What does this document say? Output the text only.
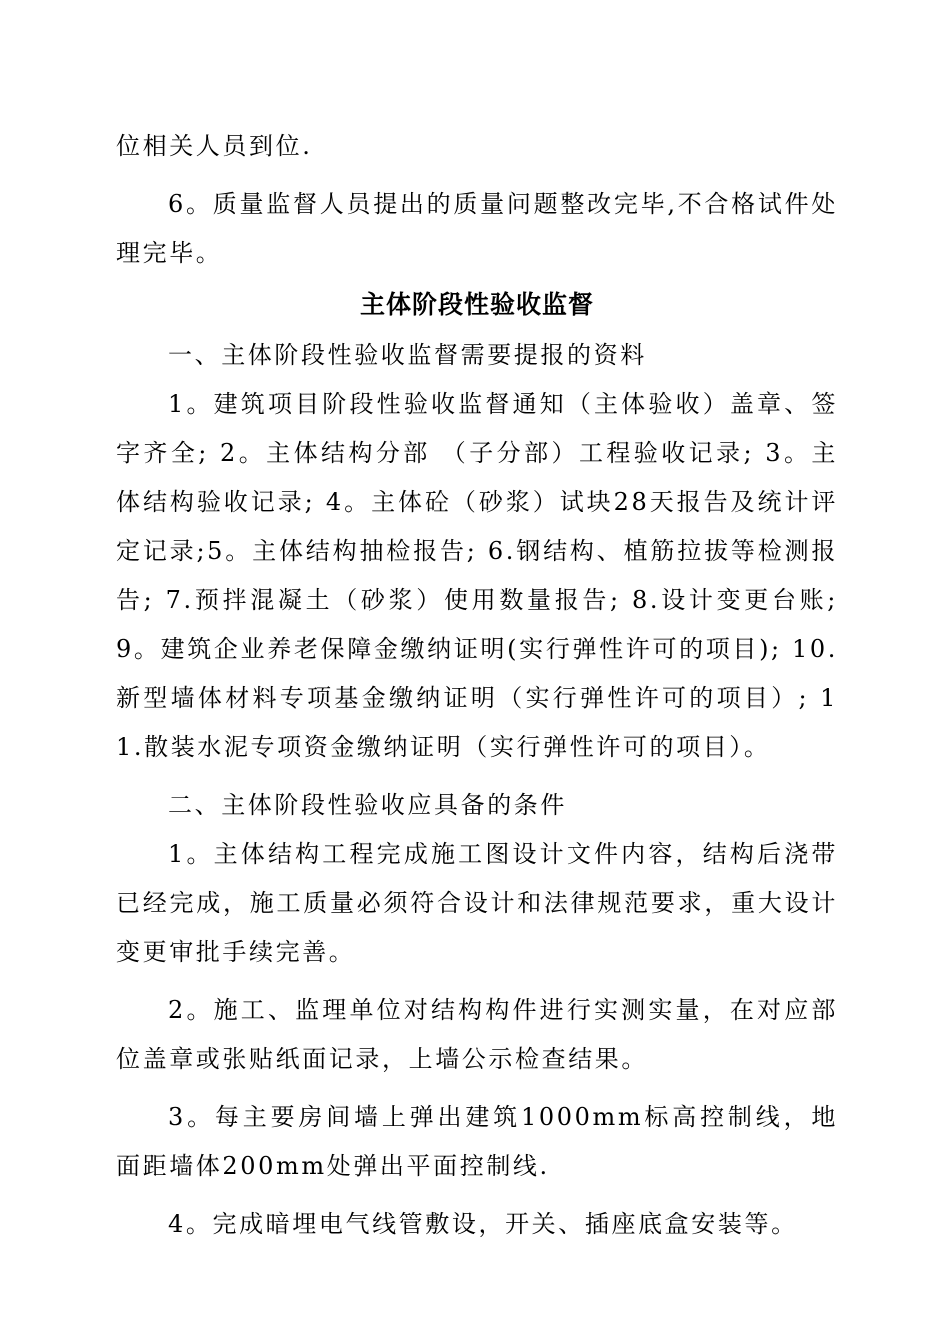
位相关人员到位.

6。质量监督人员提出的质量问题整改完毕,不合格试件处理完毕。

主体阶段性验收监督

一、主体阶段性验收监督需要提报的资料

1。建筑项目阶段性验收监督通知（主体验收）盖章、签字齐全; 2。主体结构分部 （子分部）工程验收记录; 3。主体结构验收记录; 4。主体砼（砂浆）试块28天报告及统计评定记录;5。主体结构抽检报告; 6.钢结构、植筋拉拔等检测报告; 7.预拌混凝土（砂浆）使用数量报告; 8.设计变更台账; 9。建筑企业养老保障金缴纳证明(实行弹性许可的项目); 10.新型墙体材料专项基金缴纳证明（实行弹性许可的项目）; 11.散装水泥专项资金缴纳证明（实行弹性许可的项目）。

二、主体阶段性验收应具备的条件

1。主体结构工程完成施工图设计文件内容，结构后浇带已经完成，施工质量必须符合设计和法律规范要求，重大设计变更审批手续完善。

2。施工、监理单位对结构构件进行实测实量，在对应部位盖章或张贴纸面记录，上墙公示检查结果。

3。每主要房间墙上弹出建筑1000mm标高控制线，地面距墙体200mm处弹出平面控制线.

4。完成暗埋电气线管敷设，开关、插座底盒安装等。
